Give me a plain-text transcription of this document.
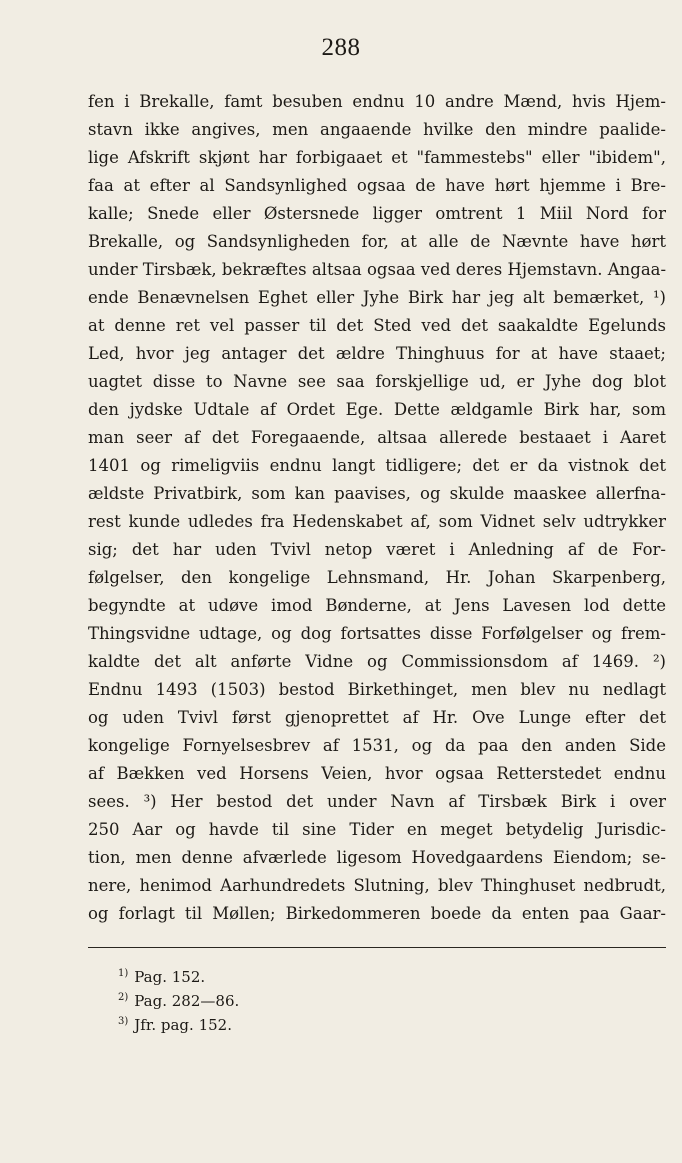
288
fen i Brekalle, famt besuben endnu 10 andre Mænd, hvis Hjem-
stavn ikke angives, men angaaende hvilke den mindre paalide-
lige Afskrift skjønt har forbigaaet et "fammestebs" eller "ibidem",
faa at efter al Sandsynlighed ogsaa de have hørt hjemme i Bre-
kalle; Snede eller Østersnede ligger omtrent 1 Miil Nord for
Brekalle, og Sandsynligheden for, at alle de Nævnte have hørt
under Tirsbæk, bekræftes altsaa ogsaa ved deres Hjemstavn. Angaa-
ende Benævnelsen Eghet eller Jyhe Birk har jeg alt bemærket, ¹)
at denne ret vel passer til det Sted ved det saakaldte Egelunds
Led, hvor jeg antager det ældre Thinghuus for at have staaet;
uagtet disse to Navne see saa forskjellige ud, er Jyhe dog blot
den jydske Udtale af Ordet Ege. Dette ældgamle Birk har, som
man seer af det Foregaaende, altsaa allerede bestaaet i Aaret
1401 og rimeligviis endnu langt tidligere; det er da vistnok det
ældste Privatbirk, som kan paavises, og skulde maaskee allerfna-
rest kunde udledes fra Hedenskabet af, som Vidnet selv udtrykker
sig; det har uden Tvivl netop været i Anledning af de For-
følgelser, den kongelige Lehnsmand, Hr. Johan Skarpenberg,
begyndte at udøve imod Bønderne, at Jens Lavesen lod dette
Thingsvidne udtage, og dog fortsattes disse Forfølgelser og frem-
kaldte det alt anførte Vidne og Commissionsdom af 1469. ²)
Endnu 1493 (1503) bestod Birkethinget, men blev nu nedlagt
og uden Tvivl først gjenoprettet af Hr. Ove Lunge efter det
kongelige Fornyelsesbrev af 1531, og da paa den anden Side
af Bækken ved Horsens Veien, hvor ogsaa Retterstedet endnu
sees. ³) Her bestod det under Navn af Tirsbæk Birk i over
250 Aar og havde til sine Tider en meget betydelig Jurisdic-
tion, men denne afværlede ligesom Hovedgaardens Eiendom; se-
nere, henimod Aarhundredets Slutning, blev Thinghuset nedbrudt,
og forlagt til Møllen; Birkedommeren boede da enten paa Gaar-
$^{1)}$ Pag. 152.
$^{2)}$ Pag. 282—86.
$^{3)}$ Jfr. pag. 152.
